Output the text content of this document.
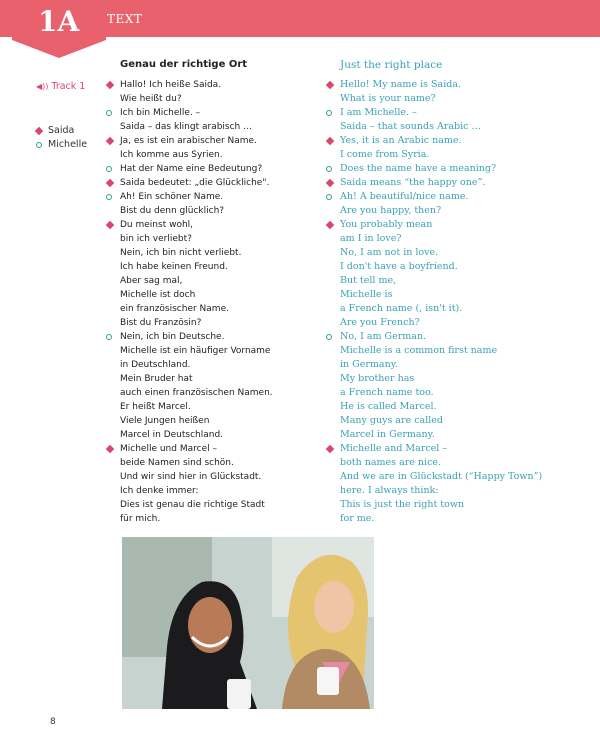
1A TEXT
◀)) Track 1
Saida
Michelle
Genau der richtige Ort	Just the right place
Hallo! Ich heiße Saida.
Wie heißt du?
Ich bin Michelle. –
Saida – das klingt arabisch …
Ja, es ist ein arabischer Name.
Ich komme aus Syrien.
Hat der Name eine Bedeutung?
Saida bedeutet: „die Glückliche".
Ah! Ein schöner Name.
Bist du denn glücklich?
Du meinst wohl,
bin ich verliebt?
Nein, ich bin nicht verliebt.
Ich habe keinen Freund.
Aber sag mal,
Michelle ist doch
ein französischer Name.
Bist du Französin?
Nein, ich bin Deutsche.
Michelle ist ein häufiger Vorname
in Deutschland.
Mein Bruder hat
auch einen französischen Namen.
Er heißt Marcel.
Viele Jungen heißen
Marcel in Deutschland.
Michelle und Marcel –
beide Namen sind schön.
Und wir sind hier in Glückstadt.
Ich denke immer:
Dies ist genau die richtige Stadt
für mich.
Hello! My name is Saida.
What is your name?
I am Michelle. –
Saida – that sounds Arabic …
Yes, it is an Arabic name.
I come from Syria.
Does the name have a meaning?
Saida means “the happy one”.
Ah! A beautiful/nice name.
Are you happy, then?
You probably mean
am I in love?
No, I am not in love.
I don't have a boyfriend.
But tell me,
Michelle is
a French name (, isn't it).
Are you French?
No, I am German.
Michelle is a common first name
in Germany.
My brother has
a French name too.
He is called Marcel.
Many guys are called
Marcel in Germany.
Michelle and Marcel –
both names are nice.
And we are in Glückstadt (“Happy Town”)
here. I always think:
This is just the right town
for me.
8
